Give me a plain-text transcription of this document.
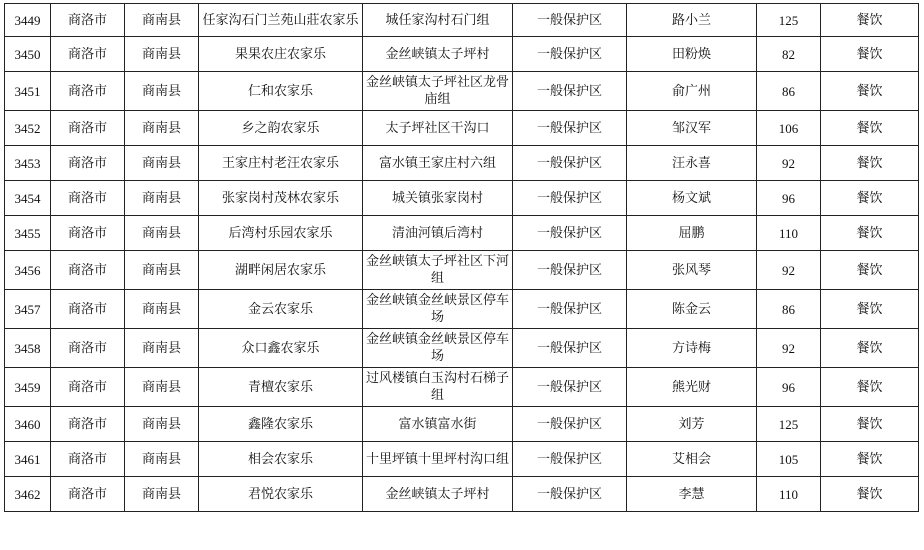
3449	商洛市	商南县	任家沟石门兰苑山莊农家乐	城任家沟村石门组	一般保护区	路小兰	125	餐饮
3450	商洛市	商南县	果果农庄农家乐	金丝峡镇太子坪村	一般保护区	田粉焕	82	餐饮
3451	商洛市	商南县	仁和农家乐	金丝峡镇太子坪社区龙骨庙组	一般保护区	俞广州	86	餐饮
3452	商洛市	商南县	乡之韵农家乐	太子坪社区干沟口	一般保护区	邹汉军	106	餐饮
3453	商洛市	商南县	王家庄村老汪农家乐	富水镇王家庄村六组	一般保护区	汪永喜	92	餐饮
3454	商洛市	商南县	张家岗村茂林农家乐	城关镇张家岗村	一般保护区	杨文斌	96	餐饮
3455	商洛市	商南县	后湾村乐园农家乐	清油河镇后湾村	一般保护区	屈鹏	110	餐饮
3456	商洛市	商南县	湖畔闲居农家乐	金丝峡镇太子坪社区下河组	一般保护区	张风琴	92	餐饮
3457	商洛市	商南县	金云农家乐	金丝峡镇金丝峡景区停车场	一般保护区	陈金云	86	餐饮
3458	商洛市	商南县	众口鑫农家乐	金丝峡镇金丝峡景区停车场	一般保护区	方诗梅	92	餐饮
3459	商洛市	商南县	青檀农家乐	过风楼镇白玉沟村石梯子组	一般保护区	熊光财	96	餐饮
3460	商洛市	商南县	鑫隆农家乐	富水镇富水街	一般保护区	刘芳	125	餐饮
3461	商洛市	商南县	相会农家乐	十里坪镇十里坪村沟口组	一般保护区	艾相会	105	餐饮
3462	商洛市	商南县	君悦农家乐	金丝峡镇太子坪村	一般保护区	李慧	110	餐饮
